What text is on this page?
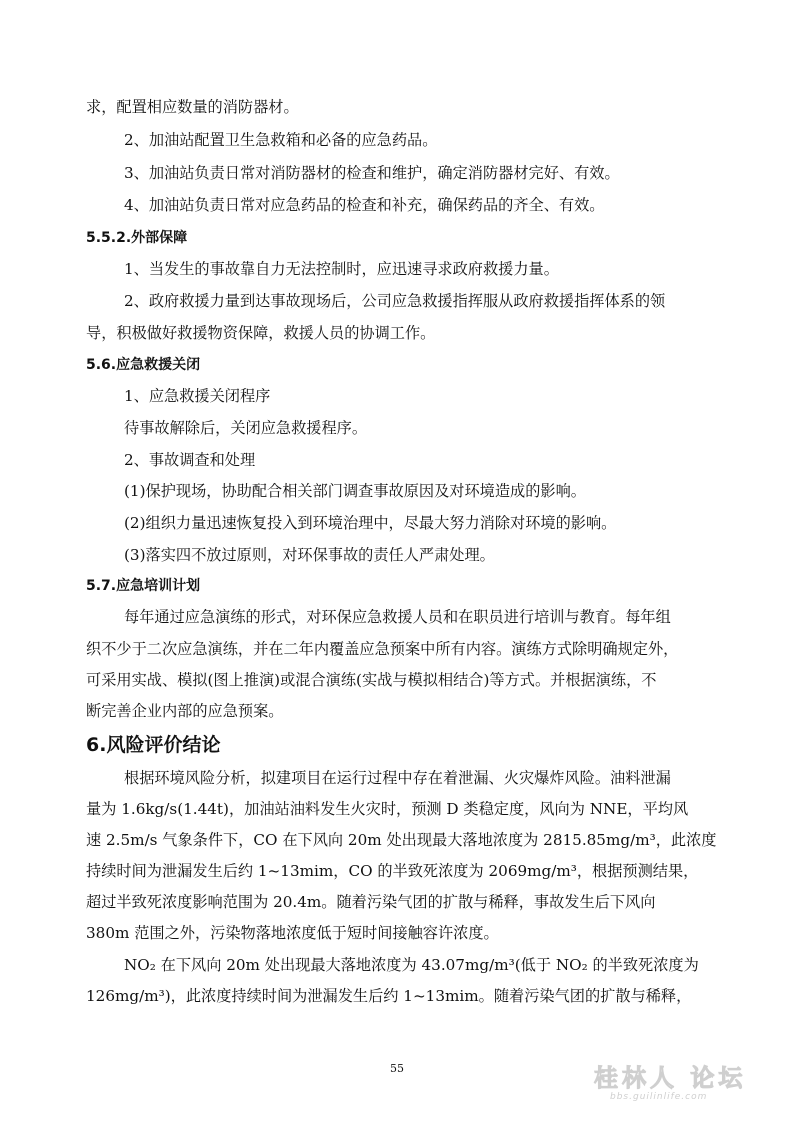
求，配置相应数量的消防器材。
2、加油站配置卫生急救箱和必备的应急药品。
3、加油站负责日常对消防器材的检查和维护，确定消防器材完好、有效。
4、加油站负责日常对应急药品的检查和补充，确保药品的齐全、有效。
5.5.2.外部保障
1、当发生的事故靠自力无法控制时，应迅速寻求政府救援力量。
2、政府救援力量到达事故现场后，公司应急救援指挥服从政府救援指挥体系的领
导，积极做好救援物资保障，救援人员的协调工作。
5.6.应急救援关闭
1、应急救援关闭程序
待事故解除后，关闭应急救援程序。
2、事故调查和处理
(1)保护现场，协助配合相关部门调查事故原因及对环境造成的影响。
(2)组织力量迅速恢复投入到环境治理中，尽最大努力消除对环境的影响。
(3)落实四不放过原则，对环保事故的责任人严肃处理。
5.7.应急培训计划
每年通过应急演练的形式，对环保应急救援人员和在职员进行培训与教育。每年组
织不少于二次应急演练，并在二年内覆盖应急预案中所有内容。演练方式除明确规定外，
可采用实战、模拟(图上推演)或混合演练(实战与模拟相结合)等方式。并根据演练，不
断完善企业内部的应急预案。
6.风险评价结论
根据环境风险分析，拟建项目在运行过程中存在着泄漏、火灾爆炸风险。油料泄漏
量为 1.6kg/s(1.44t)，加油站油料发生火灾时，预测 D 类稳定度，风向为 NNE，平均风
速 2.5m/s 气象条件下，CO 在下风向 20m 处出现最大落地浓度为 2815.85mg/m³，此浓度
持续时间为泄漏发生后约 1~13mim，CO 的半致死浓度为 2069mg/m³，根据预测结果，
超过半致死浓度影响范围为 20.4m。随着污染气团的扩散与稀释，事故发生后下风向
380m 范围之外，污染物落地浓度低于短时间接触容许浓度。
NO₂ 在下风向 20m 处出现最大落地浓度为 43.07mg/m³(低于 NO₂ 的半致死浓度为
126mg/m³)，此浓度持续时间为泄漏发生后约 1~13mim。随着污染气团的扩散与稀释，
55	桂林人 论坛
bbs.guilinlife.com
